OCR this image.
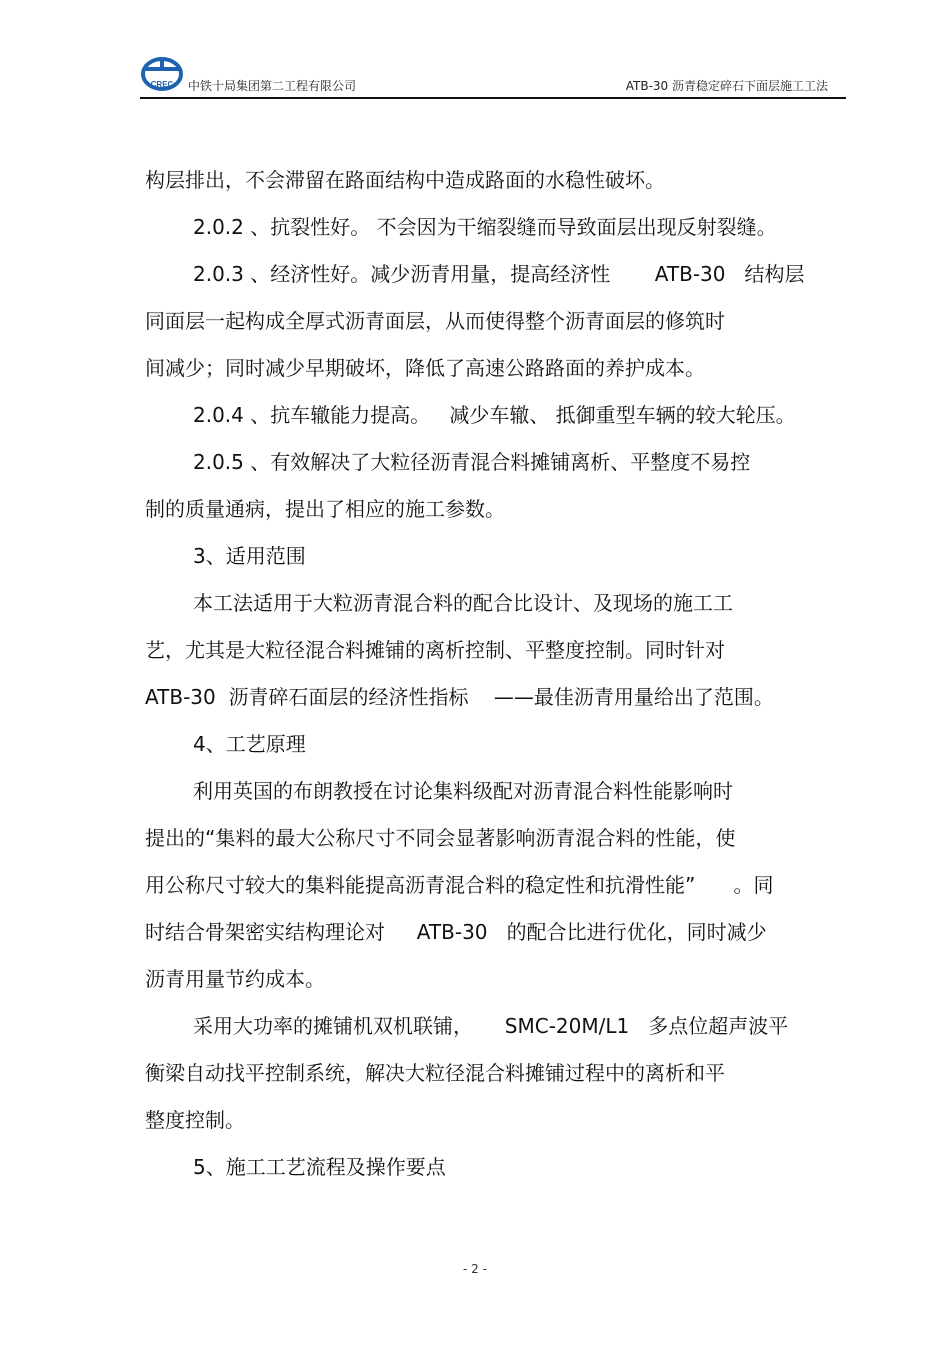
CREC 中铁十局集团第二工程有限公司	ATB-30 沥青稳定碎石下面层施工工法
构层排出，不会滞留在路面结构中造成路面的水稳性破坏。
2.0.2 、抗裂性好。 不会因为干缩裂缝而导致面层出现反射裂缝。
2.0.3 、经济性好。减少沥青用量，提高经济性       ATB-30   结构层
同面层一起构成全厚式沥青面层，从而使得整个沥青面层的修筑时
间减少；同时减少早期破坏，降低了高速公路路面的养护成本。
2.0.4 、抗车辙能力提高。   减少车辙、 抵御重型车辆的较大轮压。
2.0.5 、有效解决了大粒径沥青混合料摊铺离析、平整度不易控
制的质量通病，提出了相应的施工参数。
3、适用范围
本工法适用于大粒沥青混合料的配合比设计、及现场的施工工
艺，尤其是大粒径混合料摊铺的离析控制、平整度控制。同时针对
ATB-30  沥青碎石面层的经济性指标    ——最佳沥青用量给出了范围。
4、工艺原理
利用英国的布朗教授在讨论集料级配对沥青混合料性能影响时
提出的“集料的最大公称尺寸不同会显著影响沥青混合料的性能，使
用公称尺寸较大的集料能提高沥青混合料的稳定性和抗滑性能”      。同
时结合骨架密实结构理论对     ATB-30   的配合比进行优化，同时减少
沥青用量节约成本。
采用大功率的摊铺机双机联铺，     SMC-20M/L1   多点位超声波平
衡梁自动找平控制系统，解决大粒径混合料摊铺过程中的离析和平
整度控制。
5、施工工艺流程及操作要点
- 2 -
